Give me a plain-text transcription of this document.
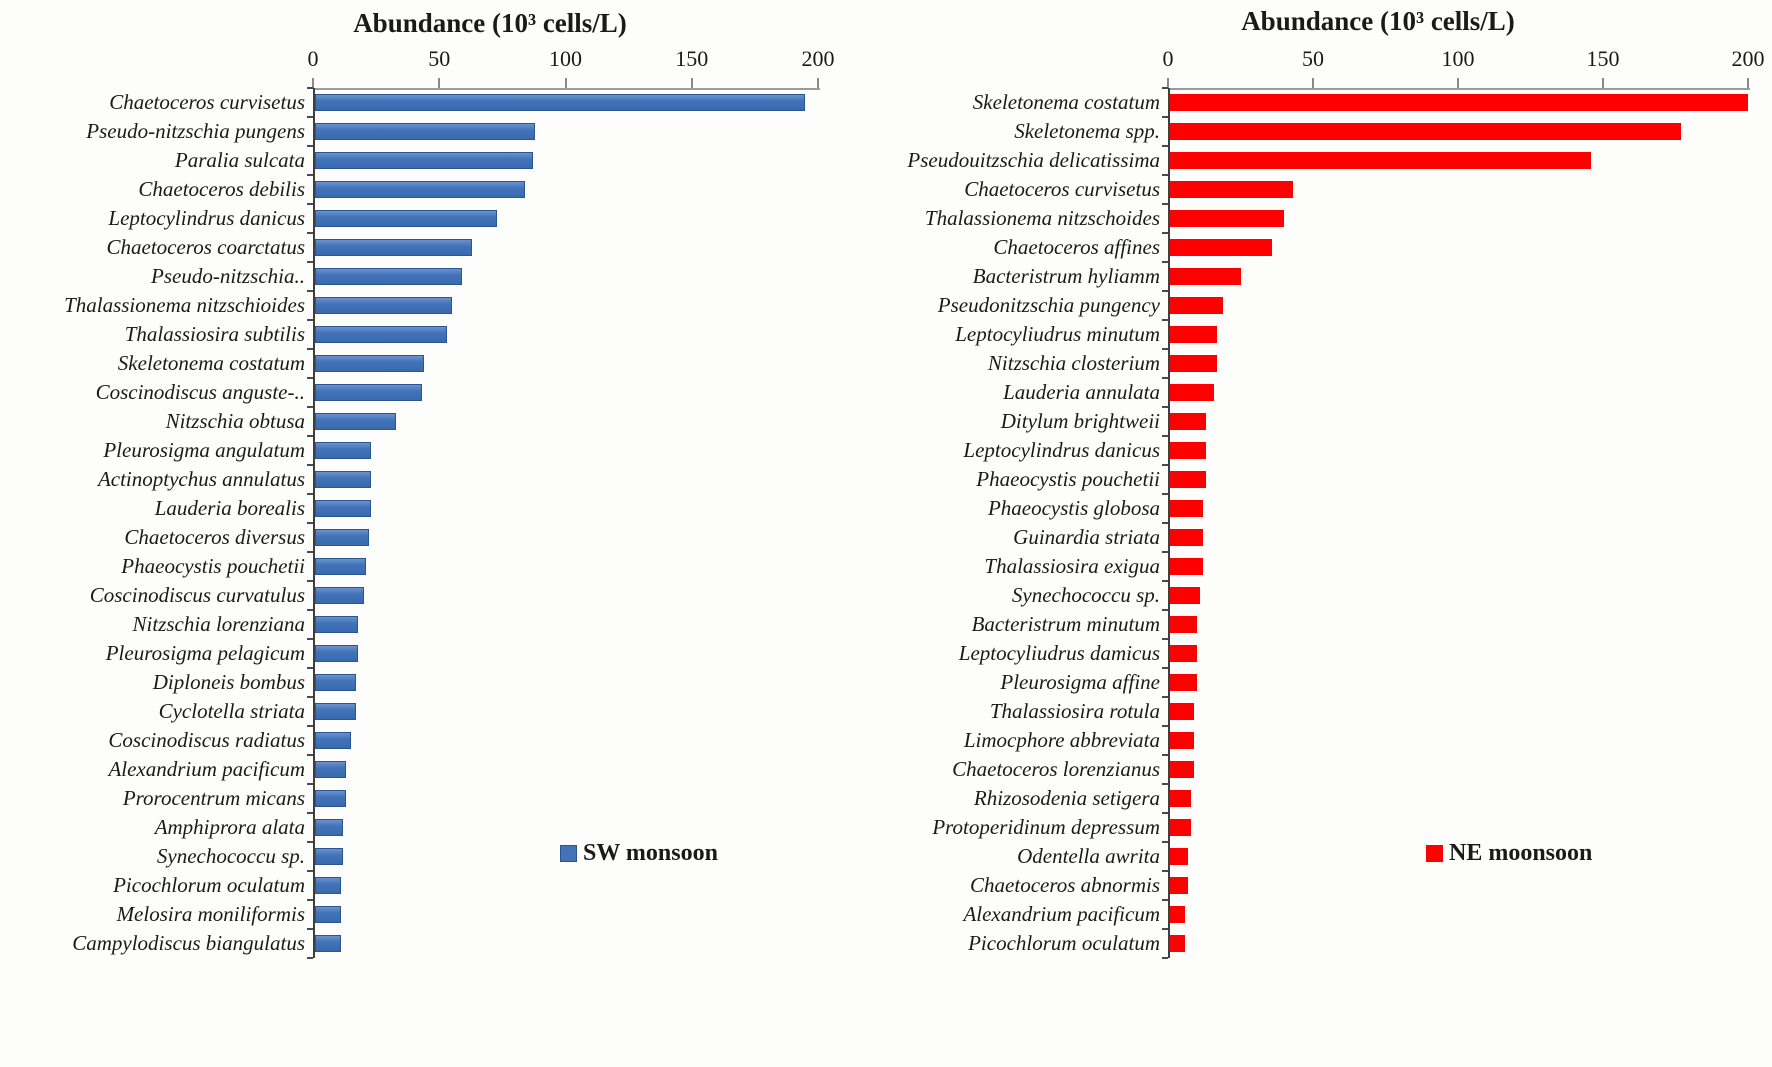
Abundance (10³ cells/L)
SW monsoon
0	50	100	150	200
Chaetoceros curvisetus
Pseudo-nitzschia pungens
Paralia sulcata
Chaetoceros debilis
Leptocylindrus danicus
Chaetoceros coarctatus
Pseudo-nitzschia..
Thalassionema nitzschioides
Thalassiosira subtilis
Skeletonema costatum
Coscinodiscus anguste-..
Nitzschia obtusa
Pleurosigma angulatum
Actinoptychus annulatus
Lauderia borealis
Chaetoceros diversus
Phaeocystis pouchetii
Coscinodiscus curvatulus
Nitzschia lorenziana
Pleurosigma pelagicum
Diploneis bombus
Cyclotella striata
Coscinodiscus radiatus
Alexandrium pacificum
Prorocentrum micans
Amphiprora alata
Synechococcu sp.
Picochlorum oculatum
Melosira moniliformis
Campylodiscus biangulatus
Abundance (10³ cells/L)
NE moonsoon
0	50	100	150	200
Skeletonema costatum
Skeletonema spp.
Pseudouitzschia delicatissima
Chaetoceros curvisetus
Thalassionema nitzschoides
Chaetoceros affines
Bacteristrum hyliamm
Pseudonitzschia pungency
Leptocyliudrus minutum
Nitzschia closterium
Lauderia annulata
Ditylum brightweii
Leptocylindrus danicus
Phaeocystis pouchetii
Phaeocystis globosa
Guinardia striata
Thalassiosira exigua
Synechococcu sp.
Bacteristrum minutum
Leptocyliudrus damicus
Pleurosigma affine
Thalassiosira rotula
Limocphore abbreviata
Chaetoceros lorenzianus
Rhizosodenia setigera
Protoperidinum depressum
Odentella awrita
Chaetoceros abnormis
Alexandrium pacificum
Picochlorum oculatum
